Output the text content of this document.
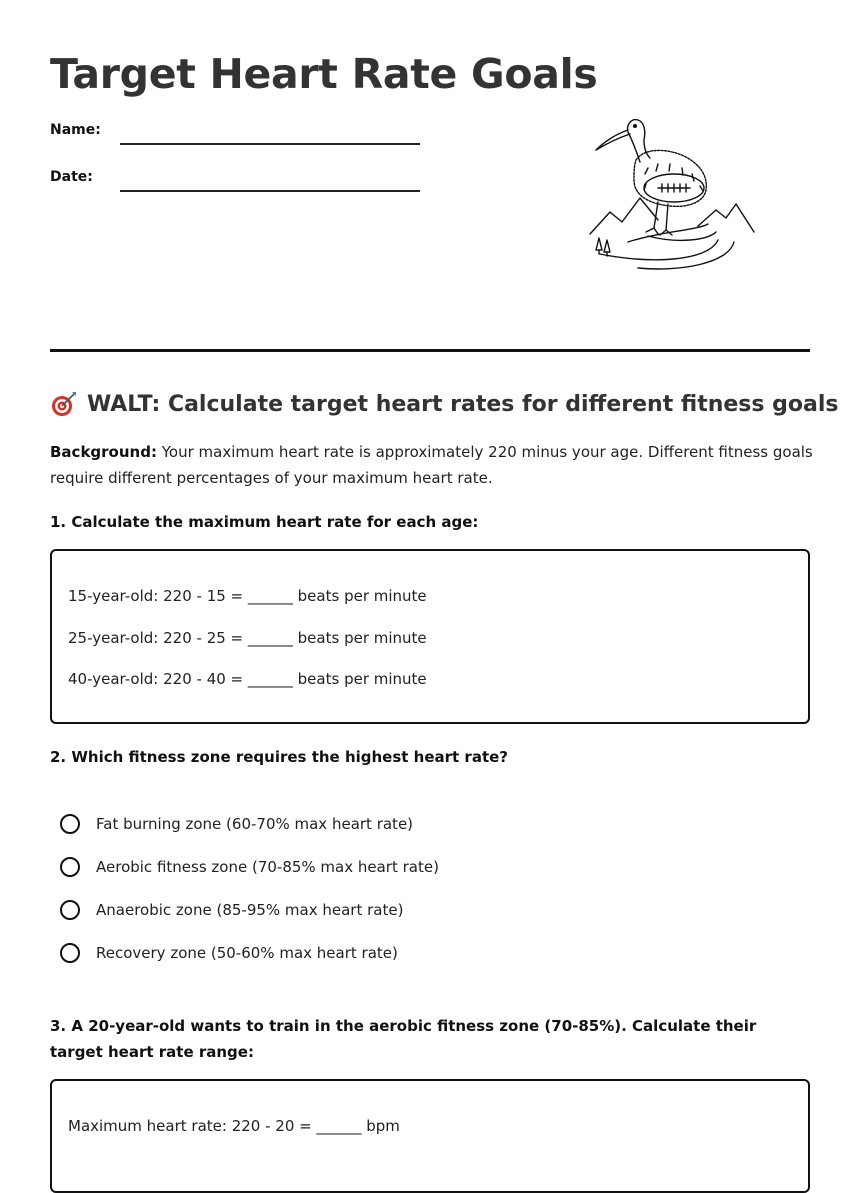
Target Heart Rate Goals
Name:
Date:
WALT: Calculate target heart rates for different fitness goals
Background: Your maximum heart rate is approximately 220 minus your age. Different fitness goals require different percentages of your maximum heart rate.
1. Calculate the maximum heart rate for each age:
15-year-old: 220 - 15 = ______ beats per minute
25-year-old: 220 - 25 = ______ beats per minute
40-year-old: 220 - 40 = ______ beats per minute
2. Which fitness zone requires the highest heart rate?
Fat burning zone (60-70% max heart rate)
Aerobic fitness zone (70-85% max heart rate)
Anaerobic zone (85-95% max heart rate)
Recovery zone (50-60% max heart rate)
3. A 20-year-old wants to train in the aerobic fitness zone (70-85%). Calculate their target heart rate range:
Maximum heart rate: 220 - 20 = ______ bpm
